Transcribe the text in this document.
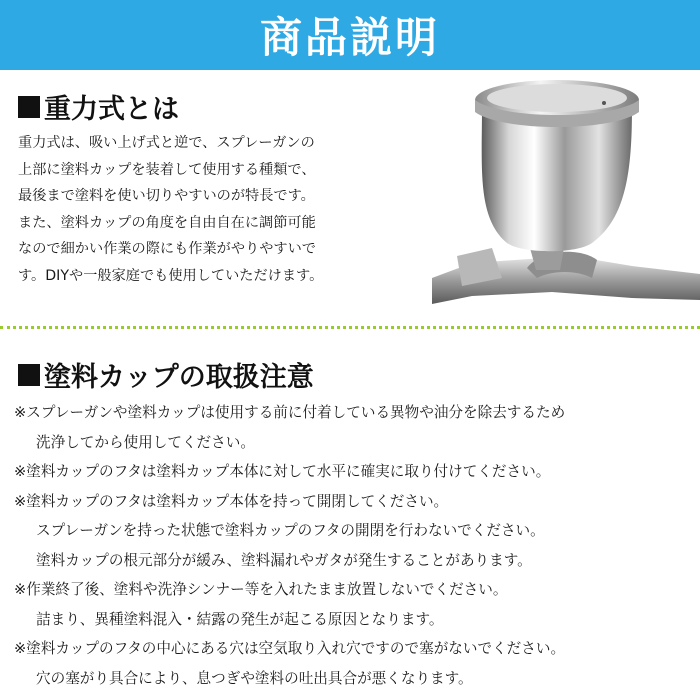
商品説明
重力式とは
重力式は、吸い上げ式と逆で、スプレーガンの
上部に塗料カップを装着して使用する種類で、
最後まで塗料を使い切りやすいのが特長です。
また、塗料カップの角度を自由自在に調節可能
なので細かい作業の際にも作業がやりやすいで
す。DIYや一般家庭でも使用していただけます。
塗料カップの取扱注意
※スプレーガンや塗料カップは使用する前に付着している異物や油分を除去するため
洗浄してから使用してください。
※塗料カップのフタは塗料カップ本体に対して水平に確実に取り付けてください。
※塗料カップのフタは塗料カップ本体を持って開閉してください。
スプレーガンを持った状態で塗料カップのフタの開閉を行わないでください。
塗料カップの根元部分が緩み、塗料漏れやガタが発生することがあります。
※作業終了後、塗料や洗浄シンナー等を入れたまま放置しないでください。
詰まり、異種塗料混入・結露の発生が起こる原因となります。
※塗料カップのフタの中心にある穴は空気取り入れ穴ですので塞がないでください。
穴の塞がり具合により、息つぎや塗料の吐出具合が悪くなります。
